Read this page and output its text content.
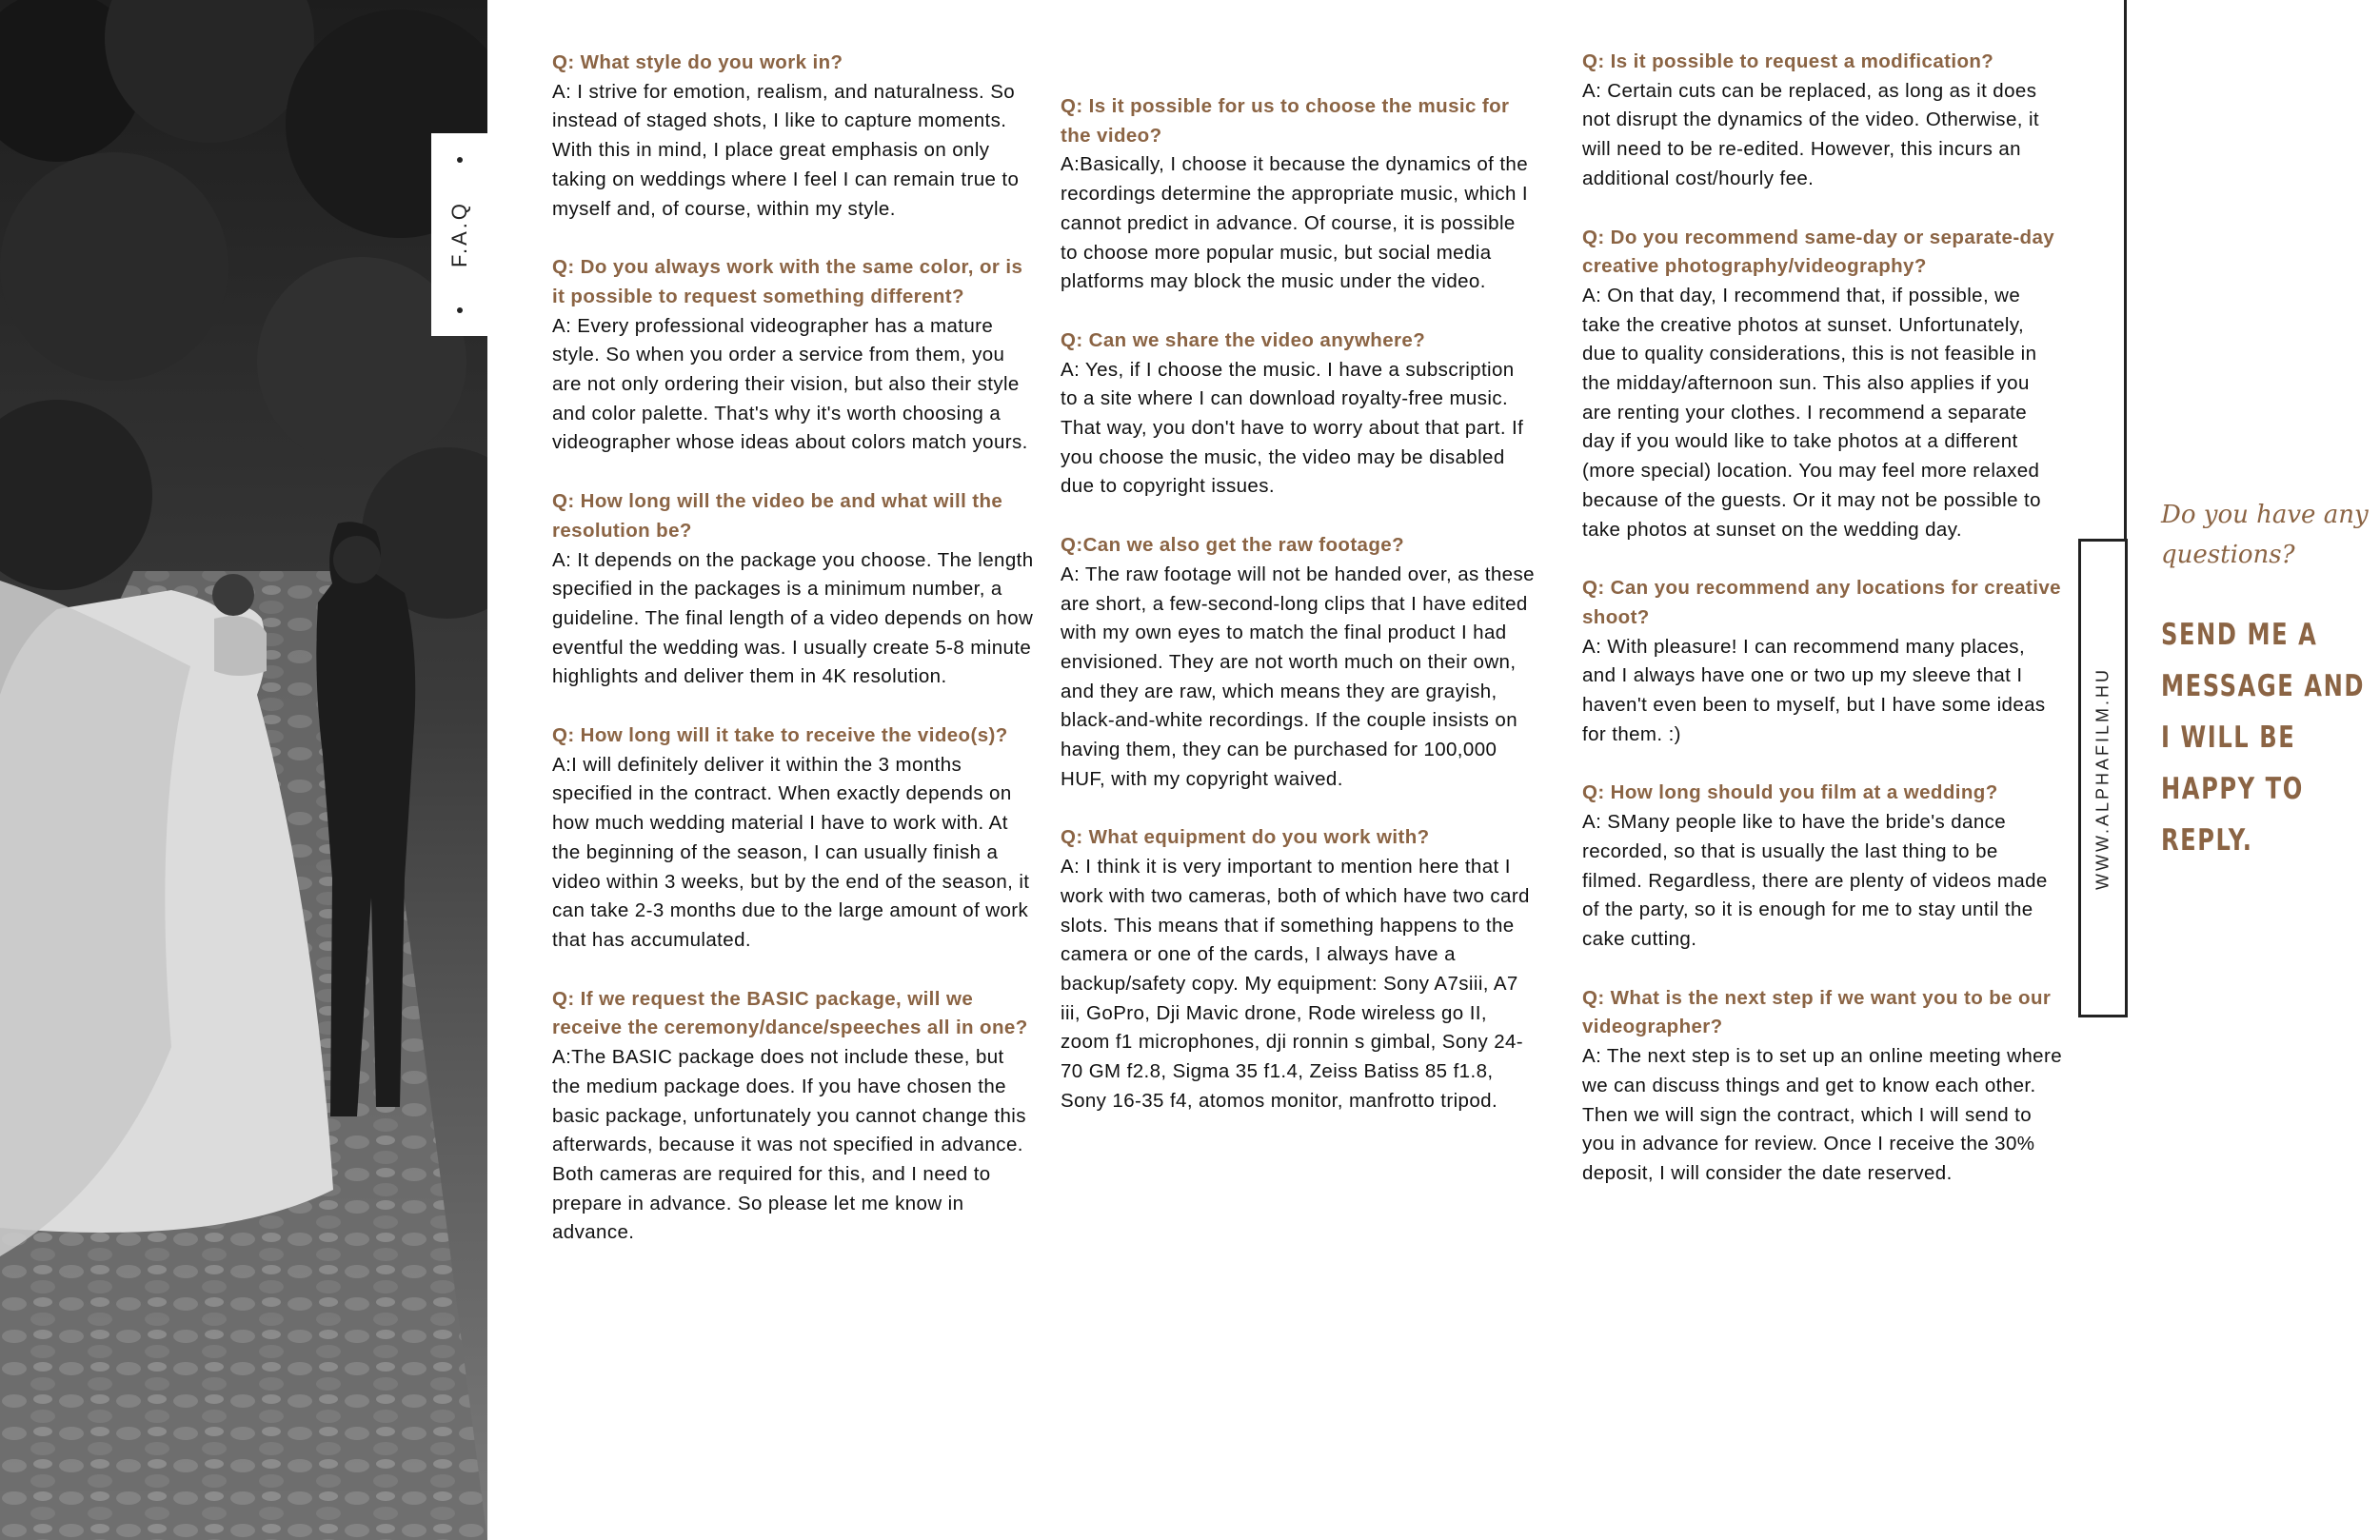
F.A.Q

Q: What style do you work in?

A: I strive for emotion, realism, and naturalness. So instead of staged shots, I like to capture moments. With this in mind, I place great emphasis on only taking on weddings where I feel I can remain true to myself and, of course, within my style.

Q: Do you always work with the same color, or is it possible to request something different?

A: Every professional videographer has a mature style. So when you order a service from them, you are not only ordering their vision, but also their style and color palette. That's why it's worth choosing a videographer whose ideas about colors match yours.

Q: How long will the video be and what will the resolution be?

A: It depends on the package you choose. The length specified in the packages is a minimum number, a guideline. The final length of a video depends on how eventful the wedding was. I usually create 5-8 minute highlights and deliver them in 4K resolution.

Q: How long will it take to receive the video(s)?

A:I will definitely deliver it within the 3 months specified in the contract. When exactly depends on how much wedding material I have to work with. At the beginning of the season, I can usually finish a video within 3 weeks, but by the end of the season, it can take 2-3 months due to the large amount of work that has accumulated.

Q: If we request the BASIC package, will we receive the ceremony/dance/speeches all in one?

A:The BASIC package does not include these, but the medium package does. If you have chosen the basic package, unfortunately you cannot change this afterwards, because it was not specified in advance. Both cameras are required for this, and I need to prepare in advance. So please let me know in advance.

Q: Is it possible for us to choose the music for the video?

A:Basically, I choose it because the dynamics of the recordings determine the appropriate music, which I cannot predict in advance. Of course, it is possible to choose more popular music, but social media platforms may block the music under the video.

Q: Can we share the video anywhere?

A: Yes, if I choose the music. I have a subscription to a site where I can download royalty-free music. That way, you don't have to worry about that part. If you choose the music, the video may be disabled due to copyright issues.

Q:Can we also get the raw footage?

A: The raw footage will not be handed over, as these are short, a few-second-long clips that I have edited with my own eyes to match the final product I had envisioned. They are not worth much on their own, and they are raw, which means they are grayish, black-and-white recordings. If the couple insists on having them, they can be purchased for 100,000 HUF, with my copyright waived.

Q: What equipment do you work with?

A: I think it is very important to mention here that I work with two cameras, both of which have two card slots. This means that if something happens to the camera or one of the cards, I always have a backup/safety copy. My equipment: Sony A7siii, A7 iii, GoPro, Dji Mavic drone, Rode wireless go II, zoom f1 microphones, dji ronnin s gimbal, Sony 24-70 GM f2.8, Sigma 35 f1.4, Zeiss Batiss 85 f1.8, Sony 16-35 f4, atomos monitor, manfrotto tripod.

Q: Is it possible to request a modification?

A: Certain cuts can be replaced, as long as it does not disrupt the dynamics of the video. Otherwise, it will need to be re-edited. However, this incurs an additional cost/hourly fee.

Q: Do you recommend same-day or separate-day creative photography/videography?

A: On that day, I recommend that, if possible, we take the creative photos at sunset. Unfortunately, due to quality considerations, this is not feasible in the midday/afternoon sun. This also applies if you are renting your clothes. I recommend a separate day if you would like to take photos at a different (more special) location. You may feel more relaxed because of the guests. Or it may not be possible to take photos at sunset on the wedding day.

Q: Can you recommend any locations for creative shoot?

A: With pleasure! I can recommend many places, and I always have one or two up my sleeve that I haven't even been to myself, but I have some ideas for them. :)

Q: How long should you film at a wedding?

A: SMany people like to have the bride's dance recorded, so that is usually the last thing to be filmed. Regardless, there are plenty of videos made of the party, so it is enough for me to stay until the cake cutting.

Q: What is the next step if we want you to be our videographer?

A: The next step is to set up an online meeting where we can discuss things and get to know each other. Then we will sign the contract, which I will send to you in advance for review. Once I receive the 30% deposit, I will consider the date reserved.

WWW.ALPHAFILM.HU
Do you have any questions?
SEND ME A MESSAGE AND I WILL BE HAPPY TO REPLY.
